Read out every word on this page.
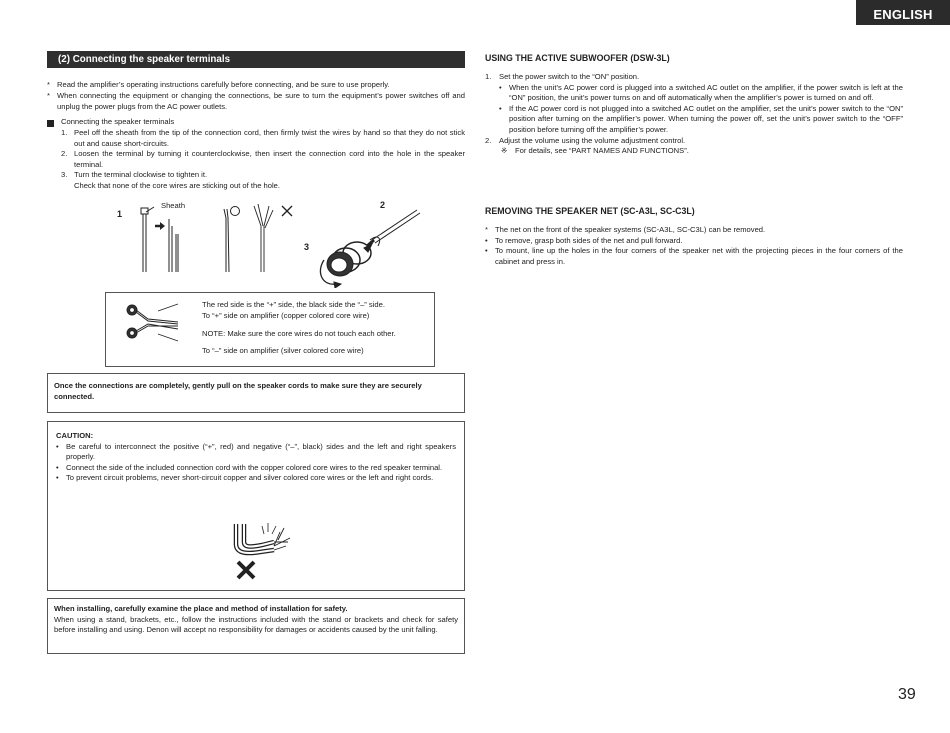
ENGLISH
(2) Connecting the speaker terminals
* Read the amplifier’s operating instructions carefully before connecting, and be sure to use properly.
* When connecting the equipment or changing the connections, be sure to turn the equipment’s power switches off and unplug the power plugs from the AC power outlets.
Connecting the speaker terminals
1. Peel off the sheath from the tip of the connection cord, then firmly twist the wires by hand so that they do not stick out and cause short-circuits.
2. Loosen the terminal by turning it counterclockwise, then insert the connection cord into the hole in the speaker terminal.
3. Turn the terminal clockwise to tighten it.
Check that none of the core wires are sticking out of the hole.
1
Sheath	2
3
The red side is the “+” side, the black side the “–” side.
To “+” side on amplifier (copper colored core wire)
NOTE: Make sure the core wires do not touch each other.
To “–” side on amplifier (silver colored core wire)
Once the connections are completely, gently pull on the speaker cords to make sure they are securely connected.
CAUTION:
• Be careful to interconnect the positive (“+”, red) and negative (“–”, black) sides and the left and right speakers properly.
• Connect the side of the included connection cord with the copper colored core wires to the red speaker terminal.
• To prevent circuit problems, never short-circuit copper and silver colored core wires or the left and right cords.
When installing, carefully examine the place and method of installation for safety.
When using a stand, brackets, etc., follow the instructions included with the stand or brackets and check for safety before installing and using. Denon will accept no responsibility for damages or accidents caused by the unit falling.
USING THE ACTIVE SUBWOOFER (DSW-3L)
1. Set the power switch to the “ON” position.
• When the unit’s AC power cord is plugged into a switched AC outlet on the amplifier, if the power switch is left at the “ON” position, the unit’s power turns on and off automatically when the amplifier’s power is turned on and off.
• If the AC power cord is not plugged into a switched AC outlet on the amplifier, set the unit’s power switch to the “ON” position after turning on the amplifier’s power. When turning the power off, set the unit’s power switch to the “OFF” position before turning off the amplifier’s power.
2. Adjust the volume using the volume adjustment control.
※ For details, see “PART NAMES AND FUNCTIONS”.
REMOVING THE SPEAKER NET (SC-A3L, SC-C3L)
* The net on the front of the speaker systems (SC-A3L, SC-C3L) can be removed.
• To remove, grasp both sides of the net and pull forward.
• To mount, line up the holes in the four corners of the speaker net with the projecting pieces in the four corners of the cabinet and press in.
39
